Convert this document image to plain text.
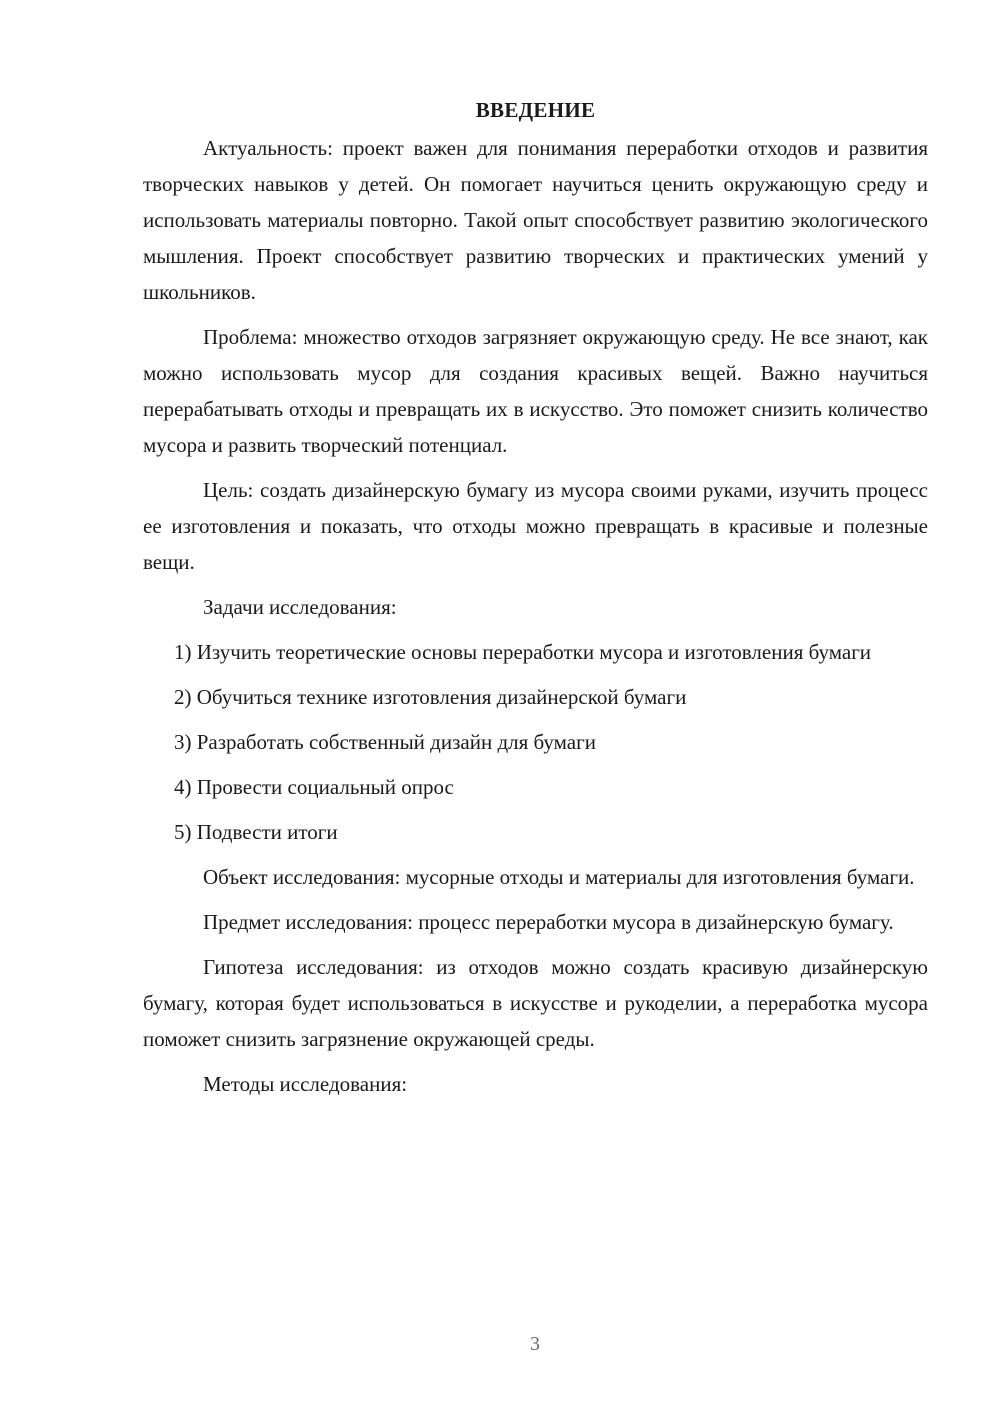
ВВЕДЕНИЕ

Актуальность: проект важен для понимания переработки отходов и развития творческих навыков у детей. Он помогает научиться ценить окружающую среду и использовать материалы повторно. Такой опыт способствует развитию экологического мышления. Проект способствует развитию творческих и практических умений у школьников.

Проблема: множество отходов загрязняет окружающую среду. Не все знают, как можно использовать мусор для создания красивых вещей. Важно научиться перерабатывать отходы и превращать их в искусство. Это поможет снизить количество мусора и развить творческий потенциал.

Цель: создать дизайнерскую бумагу из мусора своими руками, изучить процесс ее изготовления и показать, что отходы можно превращать в красивые и полезные вещи.

Задачи исследования:

1) Изучить теоретические основы переработки мусора и изготовления бумаги

2) Обучиться технике изготовления дизайнерской бумаги

3) Разработать собственный дизайн для бумаги

4) Провести социальный опрос

5) Подвести итоги

Объект исследования: мусорные отходы и материалы для изготовления бумаги.

Предмет исследования: процесс переработки мусора в дизайнерскую бумагу.

Гипотеза исследования: из отходов можно создать красивую дизайнерскую бумагу, которая будет использоваться в искусстве и рукоделии, а переработка мусора поможет снизить загрязнение окружающей среды.

Методы исследования:

3
